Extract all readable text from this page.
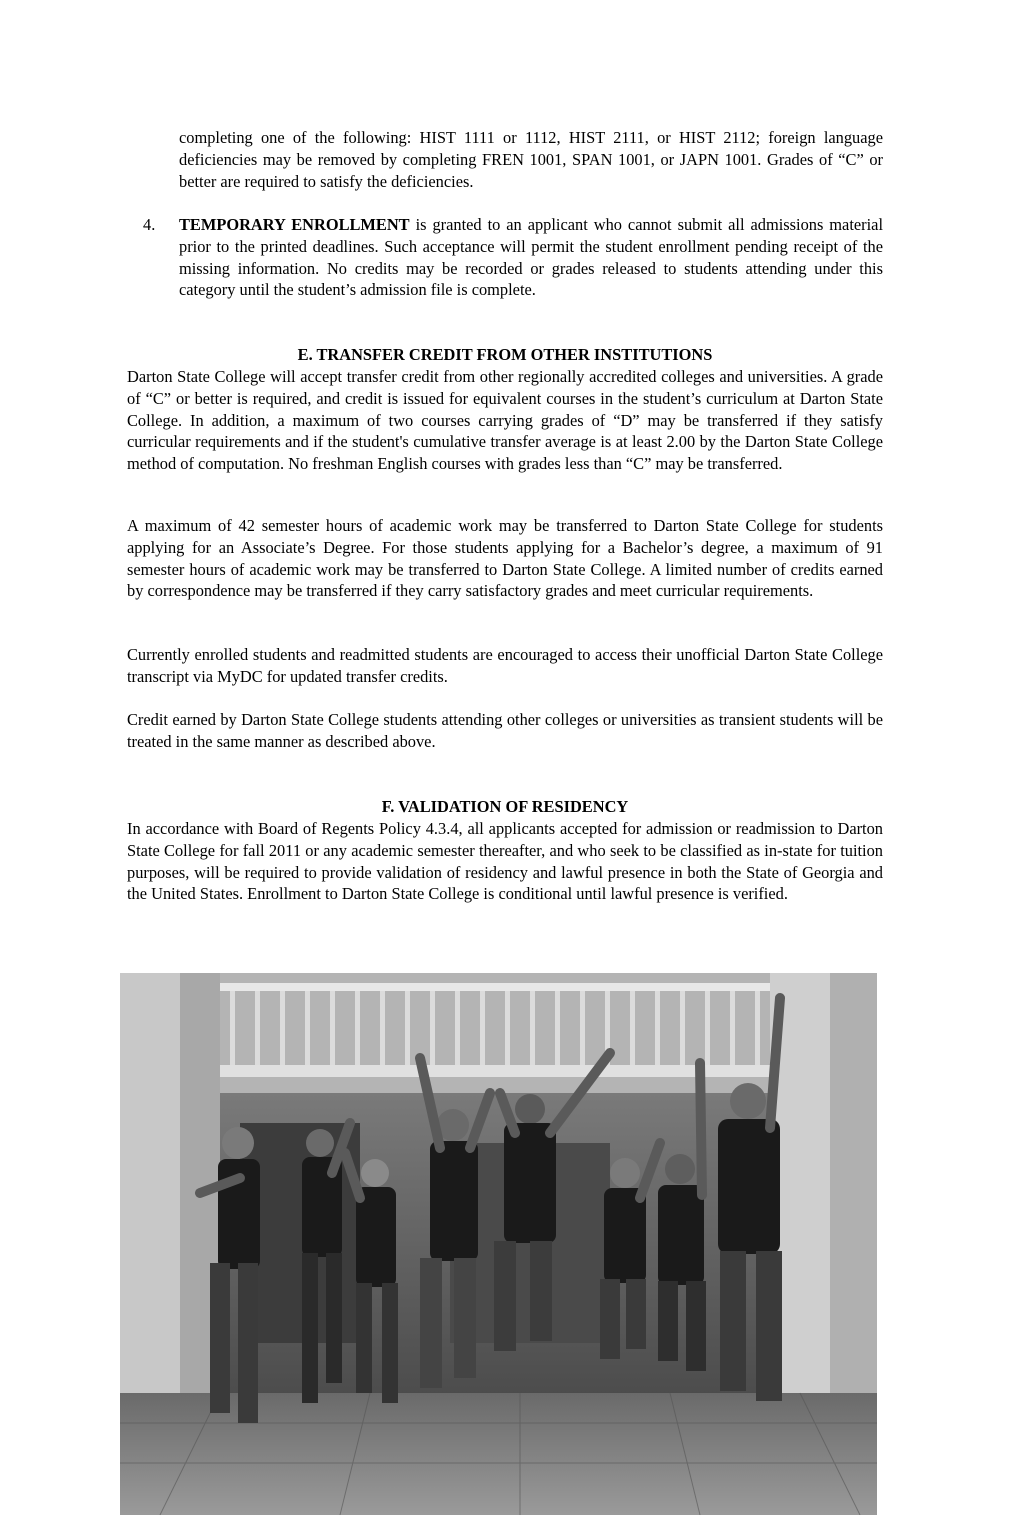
completing one of the following: HIST 1111 or 1112, HIST 2111, or HIST 2112; foreign language deficiencies may be removed by completing FREN 1001, SPAN 1001, or JAPN 1001. Grades of “C” or better are required to satisfy the deficiencies.

4. TEMPORARY ENROLLMENT is granted to an applicant who cannot submit all admissions material prior to the printed deadlines. Such acceptance will permit the student enrollment pending receipt of the missing information. No credits may be recorded or grades released to students attending under this category until the student’s admission file is complete.

E. TRANSFER CREDIT FROM OTHER INSTITUTIONS

Darton State College will accept transfer credit from other regionally accredited colleges and universities. A grade of “C” or better is required, and credit is issued for equivalent courses in the student’s curriculum at Darton State College. In addition, a maximum of two courses carrying grades of “D” may be transferred if they satisfy curricular requirements and if the student's cumulative transfer average is at least 2.00 by the Darton State College method of computation. No freshman English courses with grades less than “C” may be transferred.

A maximum of 42 semester hours of academic work may be transferred to Darton State College for students applying for an Associate’s Degree. For those students applying for a Bachelor’s degree, a maximum of 91 semester hours of academic work may be transferred to Darton State College. A limited number of credits earned by correspondence may be transferred if they carry satisfactory grades and meet curricular requirements.

Currently enrolled students and readmitted students are encouraged to access their unofficial Darton State College transcript via MyDC for updated transfer credits.

Credit earned by Darton State College students attending other colleges or universities as transient students will be treated in the same manner as described above.

F. VALIDATION OF RESIDENCY

In accordance with Board of Regents Policy 4.3.4, all applicants accepted for admission or readmission to Darton State College for fall 2011 or any academic semester thereafter, and who seek to be classified as in-state for tuition purposes, will be required to provide validation of residency and lawful presence in both the State of Georgia and the United States. Enrollment to Darton State College is conditional until lawful presence is verified.
